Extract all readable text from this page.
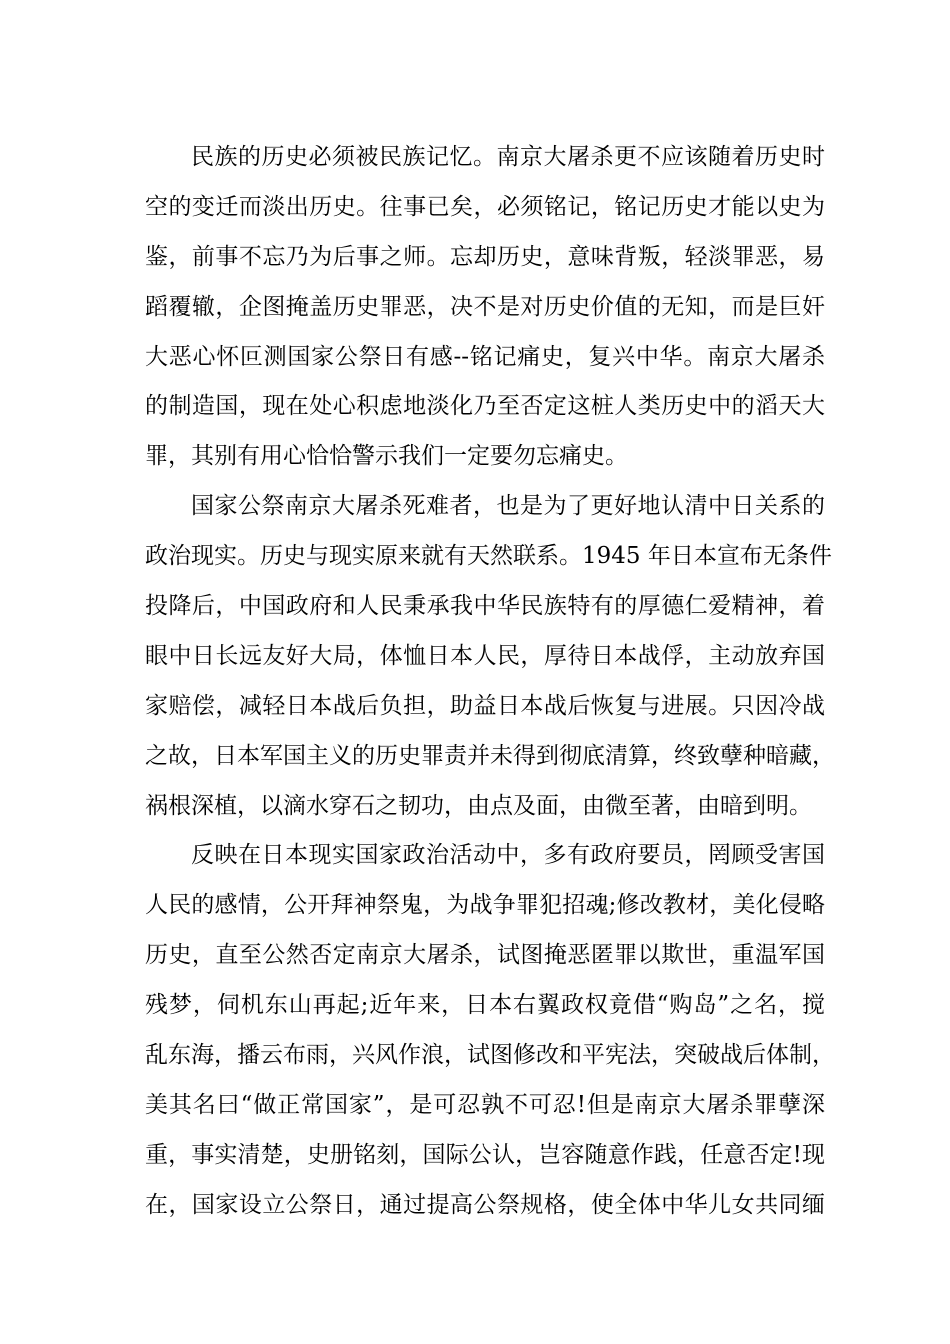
民族的历史必须被民族记忆。南京大屠杀更不应该随着历史时
空的变迁而淡出历史。往事已矣，必须铭记，铭记历史才能以史为
鉴，前事不忘乃为后事之师。忘却历史，意味背叛，轻淡罪恶，易
蹈覆辙，企图掩盖历史罪恶，决不是对历史价值的无知，而是巨奸
大恶心怀叵测国家公祭日有感--铭记痛史，复兴中华。南京大屠杀
的制造国，现在处心积虑地淡化乃至否定这桩人类历史中的滔天大
罪，其别有用心恰恰警示我们一定要勿忘痛史。
国家公祭南京大屠杀死难者，也是为了更好地认清中日关系的
政治现实。历史与现实原来就有天然联系。1945 年日本宣布无条件
投降后，中国政府和人民秉承我中华民族特有的厚德仁爱精神，着
眼中日长远友好大局，体恤日本人民，厚待日本战俘，主动放弃国
家赔偿，减轻日本战后负担，助益日本战后恢复与进展。只因冷战
之故，日本军国主义的历史罪责并未得到彻底清算，终致孽种暗藏，
祸根深植，以滴水穿石之韧功，由点及面，由微至著，由暗到明。
反映在日本现实国家政治活动中，多有政府要员，罔顾受害国
人民的感情，公开拜神祭鬼，为战争罪犯招魂;修改教材，美化侵略
历史，直至公然否定南京大屠杀，试图掩恶匿罪以欺世，重温军国
残梦，伺机东山再起;近年来，日本右翼政权竟借“购岛”之名，搅
乱东海，播云布雨，兴风作浪，试图修改和平宪法，突破战后体制，
美其名曰“做正常国家”，是可忍孰不可忍!但是南京大屠杀罪孽深
重，事实清楚，史册铭刻，国际公认，岂容随意作践，任意否定!现
在，国家设立公祭日，通过提高公祭规格，使全体中华儿女共同缅
